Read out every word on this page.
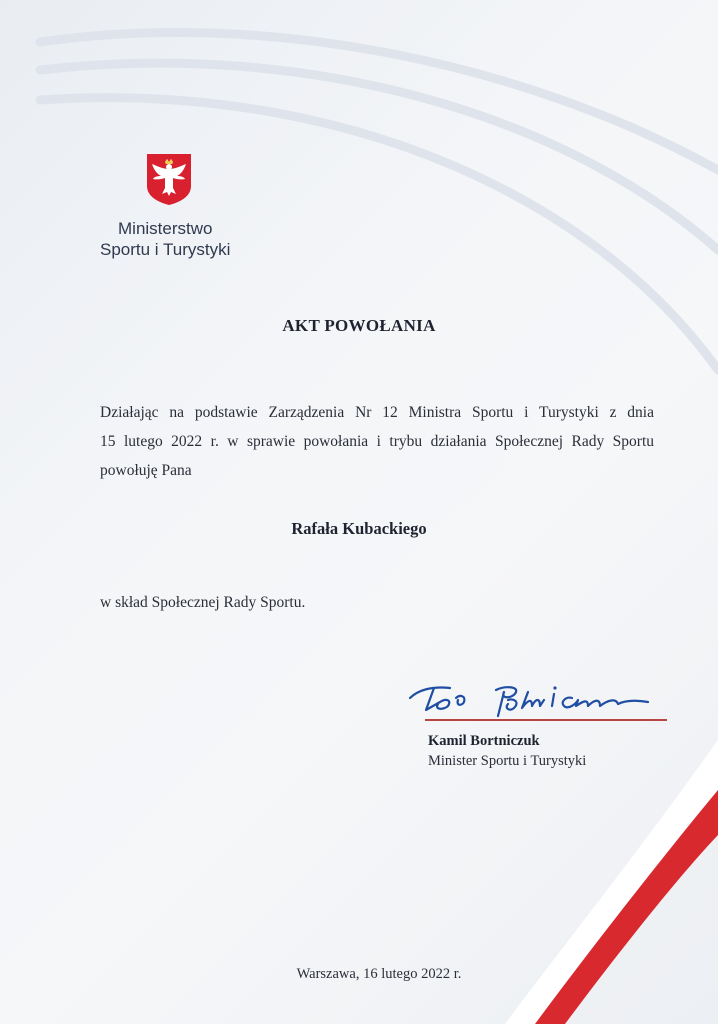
Ministerstwo
Sportu i Turystyki
AKT POWOŁANIA
Działając na podstawie Zarządzenia Nr 12 Ministra Sportu i Turystyki z dnia
15 lutego 2022 r. w sprawie powołania i trybu działania Społecznej Rady Sportu
powołuję Pana
Rafała Kubackiego
w skład Społecznej Rady Sportu.
Kamil Bortniczuk
Minister Sportu i Turystyki
Warszawa, 16 lutego 2022 r.
